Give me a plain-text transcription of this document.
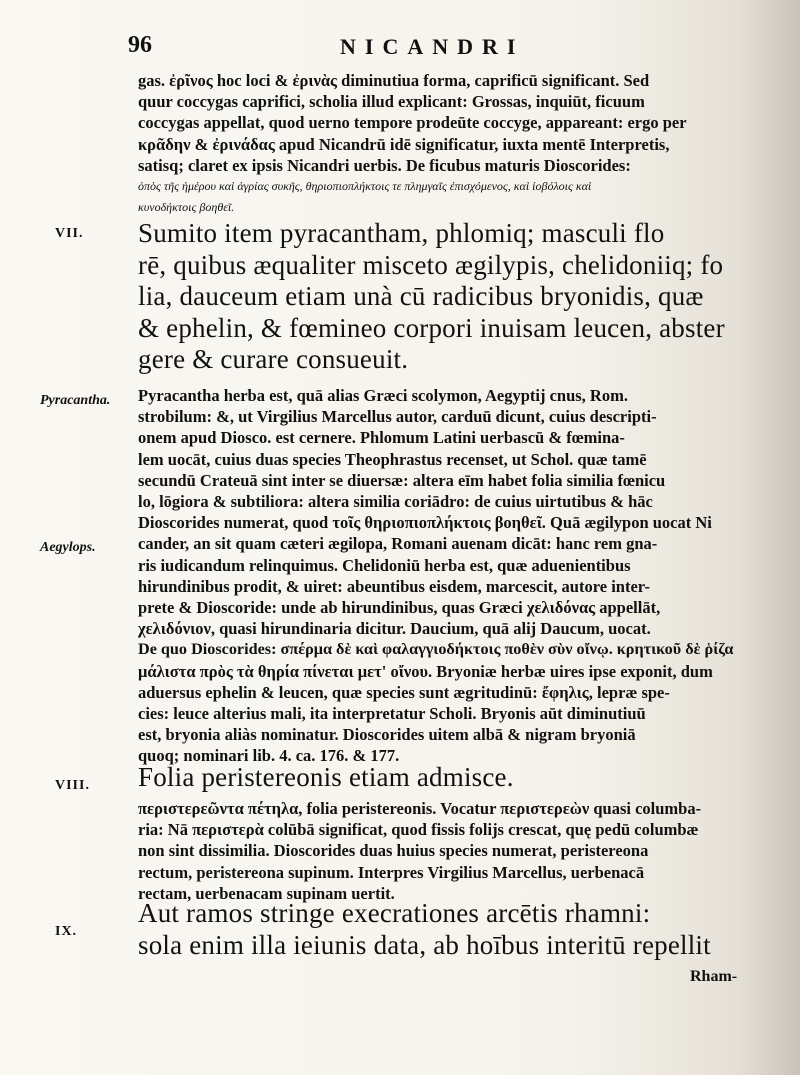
96	NICANDRI

gas. ἐρῖνος hoc loci & ἐρινὰς diminutiua forma, caprificū significant. Sed

quur coccygas caprifici, scholia illud explicant: Grossas, inquiūt, ficuum

coccygas appellat, quod uerno tempore prodeūte coccyge, appareant: ergo per

κρᾶδην & ἐρινάδας apud Nicandrū idē significatur, iuxta mentē Interpretis,

satisq; claret ex ipsis Nicandri uerbis. De ficubus maturis Dioscorides:

ὀπὸς τῆς ἡμέρου καὶ ἀγρίας συκῆς, θηριοπιοπλήκτοις τε πλημγαῖς ἐπισχόμενος, καὶ ἰοβόλοις καὶ

κυνοδήκτοις βοηθεῖ.

VII. Sumito item pyracantham, phlomiq; masculi flo

rē, quibus æqualiter misceto ægilypis, chelidoniiq; fo

lia, dauceum etiam unà cū radicibus bryonidis, quæ

& ephelin, & fœmineo corpori inuisam leucen, abster

gere & curare consueuit.

Pyracantha.
Aegylops.

Pyracantha herba est, quā alias Græci scolymon, Aegyptij cnus, Rom.

strobilum: &, ut Virgilius Marcellus autor, carduū dicunt, cuius descripti-

onem apud Diosco. est cernere. Phlomum Latini uerbascū & fœmina-

lem uocāt, cuius duas species Theophrastus recenset, ut Schol. quæ tamē

secundū Crateuā sint inter se diuersæ: altera eīm habet folia similia fœnicu

lo, lōgiora & subtiliora: altera similia coriādro: de cuius uirtutibus & hāc

Dioscorides numerat, quod τοῖς θηριοπιοπλήκτοις βοηθεῖ. Quā ægilypon uocat Ni

cander, an sit quam cæteri ægilopa, Romani auenam dicāt: hanc rem gna-

ris iudicandum relinquimus. Chelidoniū herba est, quæ aduenientibus

hirundinibus prodit, & uiret: abeuntibus eisdem, marcescit, autore inter-

prete & Dioscoride: unde ab hirundinibus, quas Græci χελιδόνας appellāt,

χελιδόνιον, quasi hirundinaria dicitur. Daucium, quā alij Daucum, uocat.

De quo Dioscorides: σπέρμα δὲ καὶ φαλαγγιοδήκτοις ποθὲν σὺν οἴνῳ. κρητικοῦ δὲ ῥίζα

μάλιστα πρὸς τὰ θηρία πίνεται μετ' οἴνου. Bryoniæ herbæ uires ipse exponit, dum

aduersus ephelin & leucen, quæ species sunt ægritudinū: ἔφηλις, lepræ spe-

cies: leuce alterius mali, ita interpretatur Scholi. Bryonis aūt diminutiuū

est, bryonia aliàs nominatur. Dioscorides uitem albā & nigram bryoniā

quoq; nominari lib. 4. ca. 176. & 177.

VIII. Folia peristereonis etiam admisce.

περιστερεῶντα πέτηλα, folia peristereonis. Vocatur περιστερεὼν quasi columba-

ria: Nā περιστερὰ colūbā significat, quod fissis folijs crescat, quę pedū columbæ

non sint dissimilia. Dioscorides duas huius species numerat, peristereona

rectum, peristereona supinum. Interpres Virgilius Marcellus, uerbenacā

rectam, uerbenacam supinam uertit.

IX.

Aut ramos stringe execrationes arcētis rhamni:

sola enim illa ieiunis data, ab hoībus interitū repellit

Rham-
